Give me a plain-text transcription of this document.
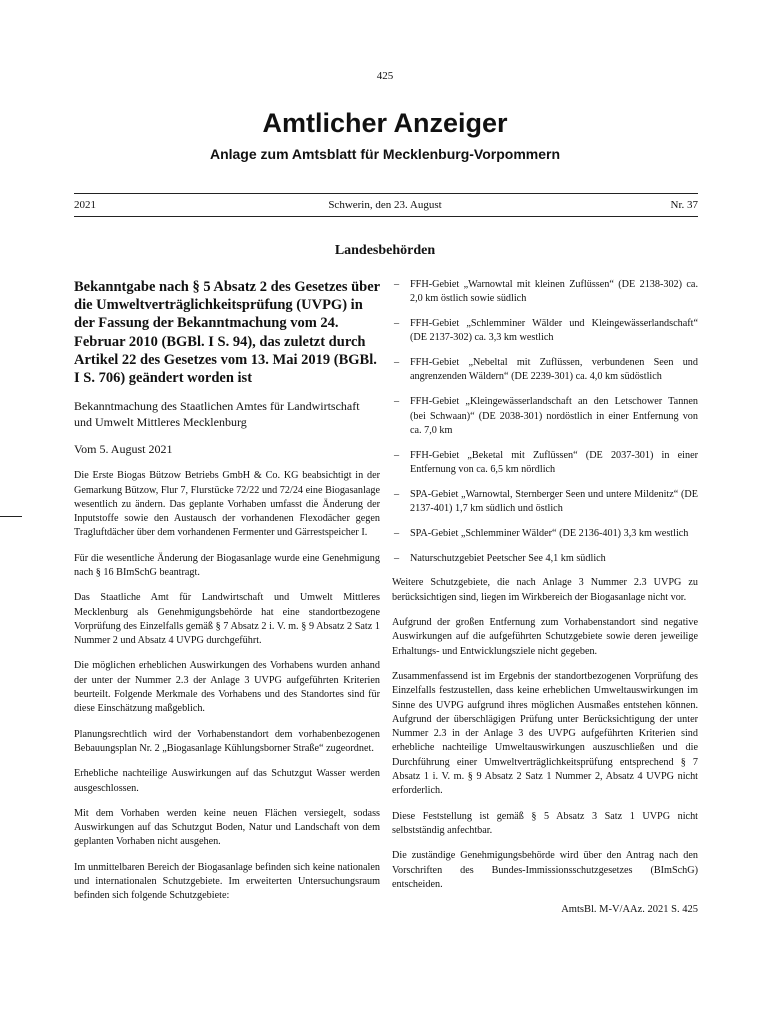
425
Amtlicher Anzeiger
Anlage zum Amtsblatt für Mecklenburg-Vorpommern
2021	Schwerin, den 23. August	Nr. 37
Landesbehörden
Bekanntgabe nach § 5 Absatz 2 des Gesetzes über die Umweltverträglichkeitsprüfung (UVPG) in der Fassung der Bekanntmachung vom 24. Februar 2010 (BGBl. I S. 94), das zuletzt durch Artikel 22 des Gesetzes vom 13. Mai 2019 (BGBl. I S. 706) geändert worden ist
Bekanntmachung des Staatlichen Amtes für Landwirtschaft und Umwelt Mittleres Mecklenburg
Vom 5. August 2021
Die Erste Biogas Bützow Betriebs GmbH & Co. KG beabsichtigt in der Gemarkung Bützow, Flur 7, Flurstücke 72/22 und 72/24 eine Biogasanlage wesentlich zu ändern. Das geplante Vorhaben umfasst die Änderung der Inputstoffe sowie den Austausch der vorhandenen Flexodächer gegen Tragluftdächer über dem vorhandenen Fermenter und Gärrestspeicher I.
Für die wesentliche Änderung der Biogasanlage wurde eine Genehmigung nach § 16 BImSchG beantragt.
Das Staatliche Amt für Landwirtschaft und Umwelt Mittleres Mecklenburg als Genehmigungsbehörde hat eine standortbezogene Vorprüfung des Einzelfalls gemäß § 7 Absatz 2 i. V. m. § 9 Absatz 2 Satz 1 Nummer 2 und Absatz 4 UVPG durchgeführt.
Die möglichen erheblichen Auswirkungen des Vorhabens wurden anhand der unter der Nummer 2.3 der Anlage 3 UVPG aufgeführten Kriterien beurteilt. Folgende Merkmale des Vorhabens und des Standortes sind für diese Einschätzung maßgeblich.
Planungsrechtlich wird der Vorhabenstandort dem vorhabenbezogenen Bebauungsplan Nr. 2 „Biogasanlage Kühlungsborner Straße“ zugeordnet.
Erhebliche nachteilige Auswirkungen auf das Schutzgut Wasser werden ausgeschlossen.
Mit dem Vorhaben werden keine neuen Flächen versiegelt, sodass Auswirkungen auf das Schutzgut Boden, Natur und Landschaft von dem geplanten Vorhaben nicht ausgehen.
Im unmittelbaren Bereich der Biogasanlage befinden sich keine nationalen und internationalen Schutzgebiete. Im erweiterten Untersuchungsraum befinden sich folgende Schutzgebiete:
– FFH-Gebiet „Warnowtal mit kleinen Zuflüssen“ (DE 2138-302) ca. 2,0 km östlich sowie südlich
– FFH-Gebiet „Schlemminer Wälder und Kleingewässerlandschaft“ (DE 2137-302) ca. 3,3 km westlich
– FFH-Gebiet „Nebeltal mit Zuflüssen, verbundenen Seen und angrenzenden Wäldern“ (DE 2239-301) ca. 4,0 km südöstlich
– FFH-Gebiet „Kleingewässerlandschaft an den Letschower Tannen (bei Schwaan)“ (DE 2038-301) nordöstlich in einer Entfernung von ca. 7,0 km
– FFH-Gebiet „Beketal mit Zuflüssen“ (DE 2037-301) in einer Entfernung von ca. 6,5 km nördlich
– SPA-Gebiet „Warnowtal, Sternberger Seen und untere Mildenitz“ (DE 2137-401) 1,7 km südlich und östlich
– SPA-Gebiet „Schlemminer Wälder“ (DE 2136-401) 3,3 km westlich
– Naturschutzgebiet Peetscher See 4,1 km südlich
Weitere Schutzgebiete, die nach Anlage 3 Nummer 2.3 UVPG zu berücksichtigen sind, liegen im Wirkbereich der Biogasanlage nicht vor.
Aufgrund der großen Entfernung zum Vorhabenstandort sind negative Auswirkungen auf die aufgeführten Schutzgebiete sowie deren jeweilige Erhaltungs- und Entwicklungsziele nicht gegeben.
Zusammenfassend ist im Ergebnis der standortbezogenen Vorprüfung des Einzelfalls festzustellen, dass keine erheblichen Umweltauswirkungen im Sinne des UVPG aufgrund ihres möglichen Ausmaßes entstehen können. Aufgrund der überschlägigen Prüfung unter Berücksichtigung der unter Nummer 2.3 in der Anlage 3 des UVPG aufgeführten Kriterien sind erhebliche nachteilige Umweltauswirkungen auszuschließen und die Durchführung einer Umweltverträglichkeitsprüfung entsprechend § 7 Absatz 1 i. V. m. § 9 Absatz 2 Satz 1 Nummer 2, Absatz 4 UVPG nicht erforderlich.
Diese Feststellung ist gemäß § 5 Absatz 3 Satz 1 UVPG nicht selbstständig anfechtbar.
Die zuständige Genehmigungsbehörde wird über den Antrag nach den Vorschriften des Bundes-Immissionsschutzgesetzes (BImSchG) entscheiden.
AmtsBl. M-V/AAz. 2021 S. 425
